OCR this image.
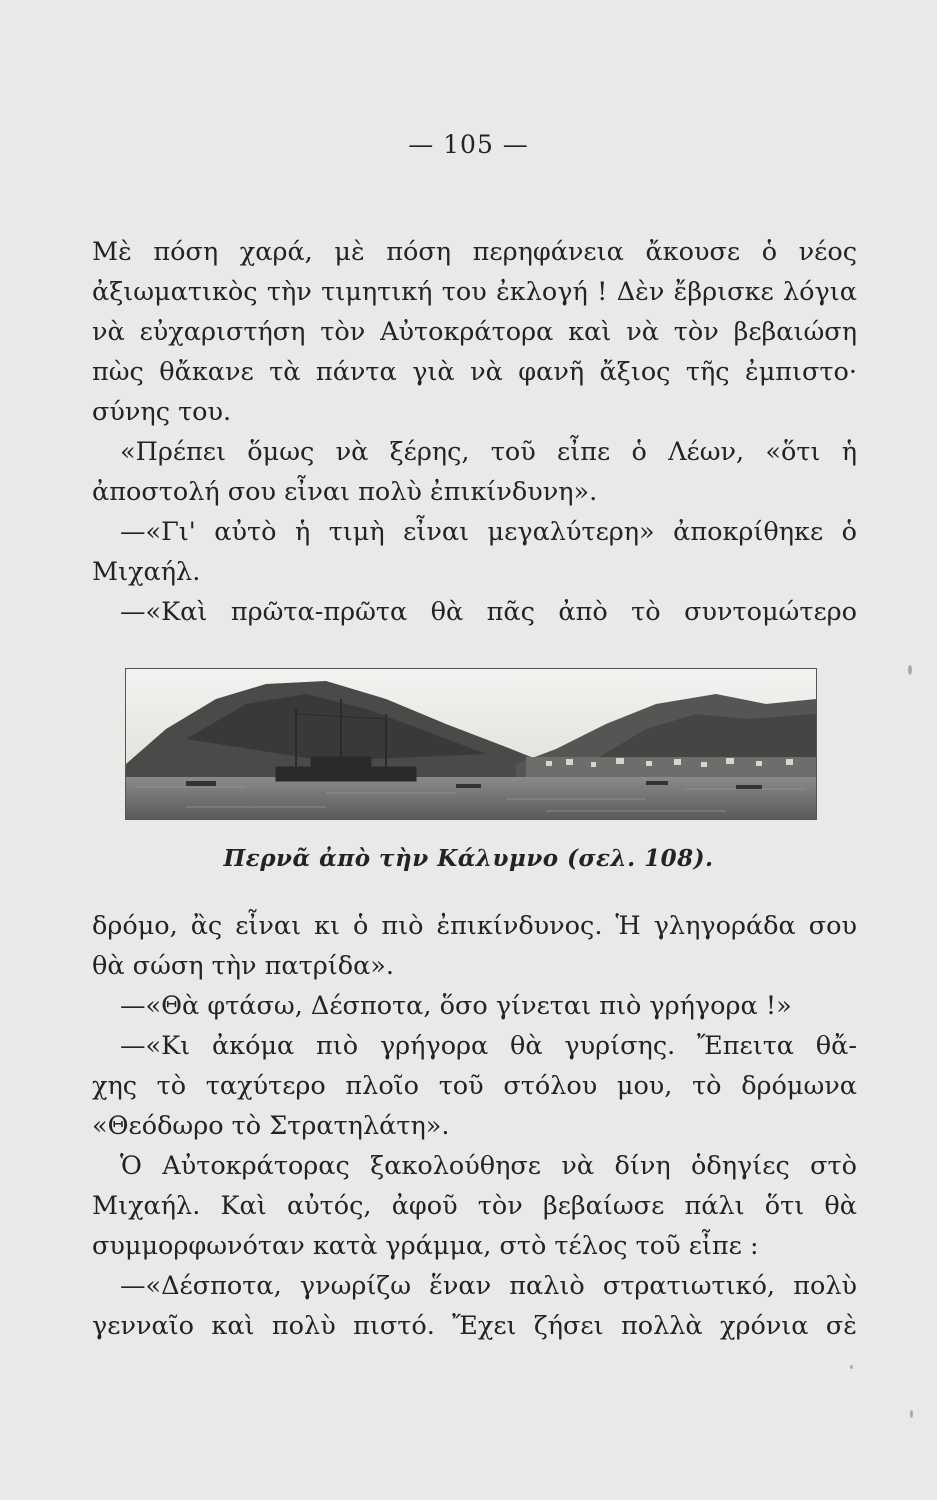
— 105 —
Μὲ πόση χαρά, μὲ πόση περηφάνεια ἄκουσε ὁ νέος
ἀξιωματικὸς τὴν τιμητική του ἐκλογή ! Δὲν ἔβρισκε λόγια
νὰ εὐχαριστήση τὸν Αὐτοκράτορα καὶ νὰ τὸν βεβαιώση
πὼς θἄκανε τὰ πάντα γιὰ νὰ φανῆ ἄξιος τῆς ἐμπιστο·
σύνης του.
«Πρέπει ὅμως νὰ ξέρης, τοῦ εἶπε ὁ Λέων, «ὅτι ἡ
ἀποστολή σου εἶναι πολὺ ἐπικίνδυνη».
—«Γι' αὐτὸ ἡ τιμὴ εἶναι μεγαλύτερη» ἀποκρίθηκε ὁ
Μιχαήλ.
—«Καὶ πρῶτα-πρῶτα θὰ πᾶς ἀπὸ τὸ συντομώτερο
Περνᾶ ἀπὸ τὴν Κάλυμνο (σελ. 108).
δρόμο, ἂς εἶναι κι ὁ πιὸ ἐπικίνδυνος. Ἡ γληγοράδα σου
θὰ σώση τὴν πατρίδα».
—«Θὰ φτάσω, Δέσποτα, ὅσο γίνεται πιὸ γρήγορα !»
—«Κι ἀκόμα πιὸ γρήγορα θὰ γυρίσης. Ἔπειτα θἄ-
χης τὸ ταχύτερο πλοῖο τοῦ στόλου μου, τὸ δρόμωνα
«Θεόδωρο τὸ Στρατηλάτη».
Ὁ Αὐτοκράτορας ξακολούθησε νὰ δίνη ὁδηγίες στὸ
Μιχαήλ. Καὶ αὐτός, ἀφοῦ τὸν βεβαίωσε πάλι ὅτι θὰ
συμμορφωνόταν κατὰ γράμμα, στὸ τέλος τοῦ εἶπε :
—«Δέσποτα, γνωρίζω ἕναν παλιὸ στρατιωτικό, πολὺ
γενναῖο καὶ πολὺ πιστό. Ἔχει ζήσει πολλὰ χρόνια σὲ
